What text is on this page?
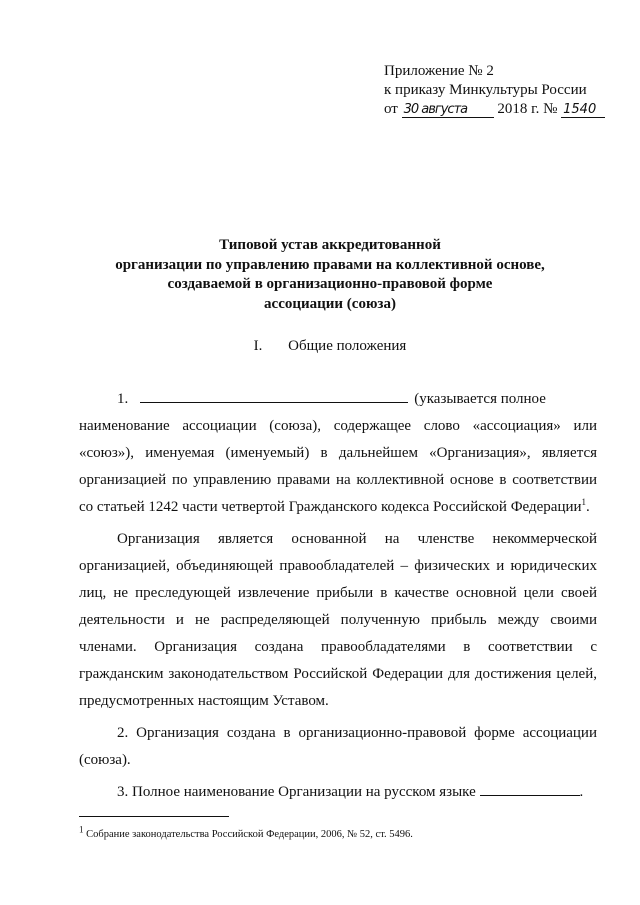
Приложение № 2
к приказу Минкультуры России
от 30 августа 2018 г. № 1540
Типовой устав аккредитованной
организации по управлению правами на коллективной основе,
создаваемой в организационно-правовой форме
ассоциации (союза)
I. Общие положения

1.	(указывается полное

наименование ассоциации (союза), содержащее слово «ассоциация» или «союз»), именуемая (именуемый) в дальнейшем «Организация», является организацией по управлению правами на коллективной основе в соответствии со статьей 1242 части четвертой Гражданского кодекса Российской Федерации$^1$.

Организация является основанной на членстве некоммерческой организацией, объединяющей правообладателей – физических и юридических лиц, не преследующей извлечение прибыли в качестве основной цели своей деятельности и не распределяющей полученную прибыль между своими членами. Организация создана правообладателями в соответствии с гражданским законодательством Российской Федерации для достижения целей, предусмотренных настоящим Уставом.

2. Организация создана в организационно-правовой форме ассоциации (союза).

3. Полное наименование Организации на русском языке	.

$^1$ Собрание законодательства Российской Федерации, 2006, № 52, ст. 5496.
